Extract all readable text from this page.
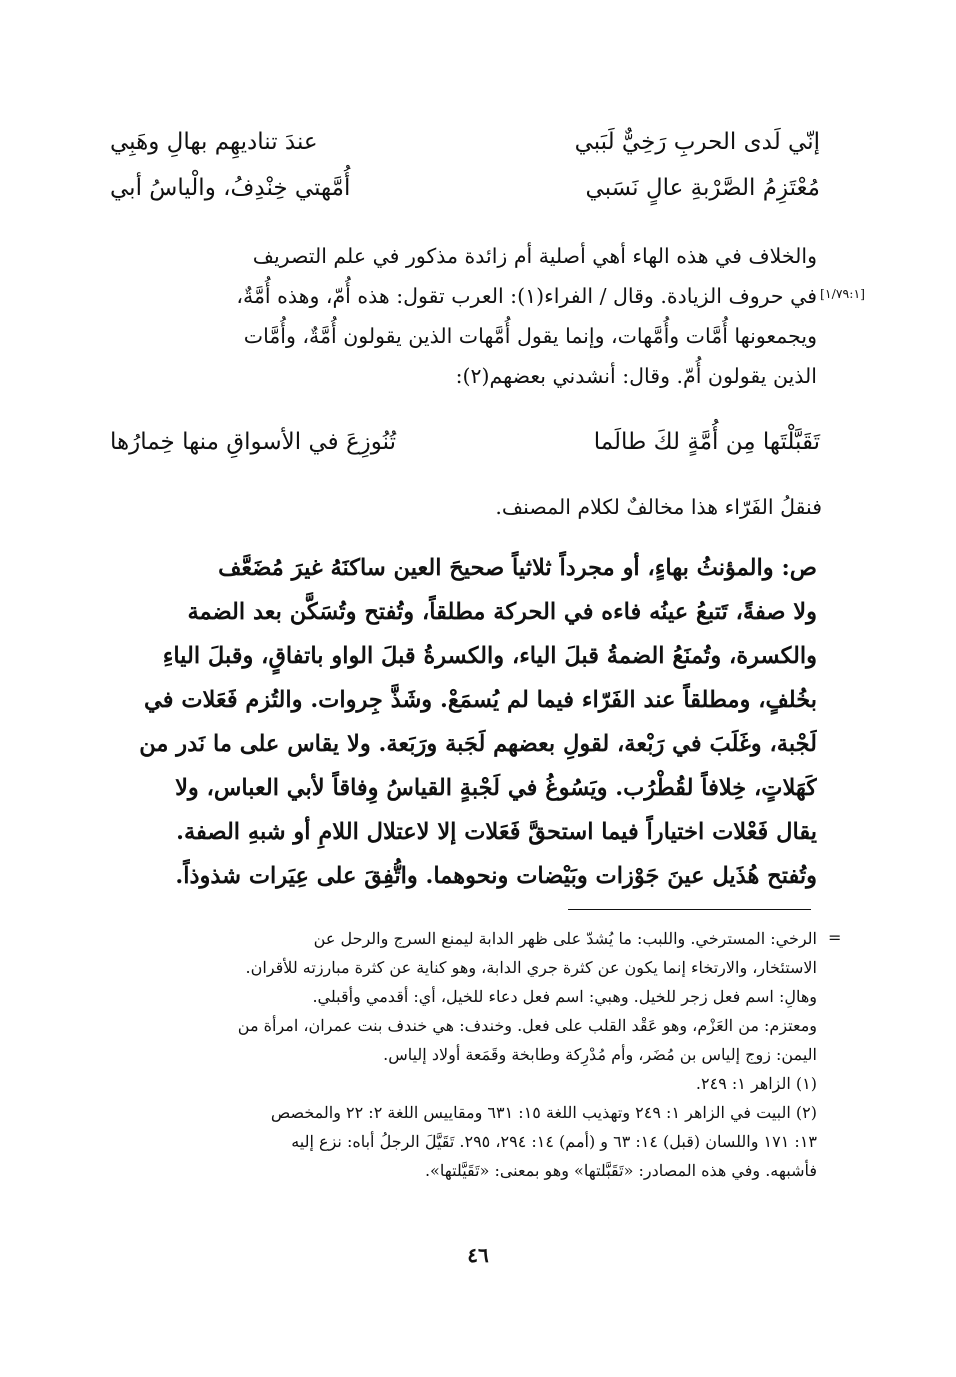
إنّي لَدى الحربِ رَخِيٌّ لَبَبي
عندَ تناديهِم بهالِ وهَبِي
مُعْتَزِمُ الصَّرْبةِ عالٍ نَسَبي
أُمَّهتي خِنْدِفُ، والْياسُ أبي
والخلاف في هذه الهاء أهي أصلية أم زائدة مذكور في علم التصريف
في حروف الزيادة. وقال / الفراء(١): العرب تقول: هذه أُمّ، وهذه أُمَّةٌ،
ويجمعونها أُمَّات وأُمَّهات، وإنما يقول أُمَّهات الذين يقولون أُمَّةٌ، وأُمَّات
الذين يقولون أُمّ. وقال: أنشدني بعضهم(٢):
[١/٧٩:١]
تَقَبَّلْتَها مِن أُمَّةٍ لكَ طالَما
تُنُوزِعَ في الأسواقِ منها خِمارُها
فنقلُ الفَرّاء هذا مخالفٌ لكلام المصنف.
ص: والمؤنثُ بهاءٍ، أو مجرداً ثلاثياً صحيحَ العين ساكنَهُ غيرَ مُضَعَّف
ولا صفةً، تَتبعُ عينُه فاءه في الحركة مطلقاً، وتُفتح وتُسَكَّن بعد الضمة
والكسرة، وتُمنَعُ الضمةُ قبلَ الياء، والكسرةُ قبلَ الواو باتفاقٍ، وقبلَ الياءِ
بخُلفٍ، ومطلقاً عند الفَرّاء فيما لم يُسمَعْ. وشَذَّ جِروات. والتُزم فَعَلات في
لَجْبة، وغَلَبَ في رَبْعة، لقولِ بعضهم لَجَبة ورَبَعة. ولا يقاس على ما نَدر من
كَهَلاتٍ، خِلافاً لقُطْرُب. ويَسُوغُ في لَجْبةٍ القياسُ وِفاقاً لأبي العباس، ولا
يقال فَعْلات اختياراً فيما استحقَّ فَعَلات إلا لاعتلال اللامِ أو شبهِ الصفة.
وتُفتح هُذَيل عينَ جَوْزات وبَيْضات ونحوهما. واتُّفِقَ على عِيَرات شذوذاً.
=
الرخي: المسترخي. واللبب: ما يُشدّ على ظهر الدابة ليمنع السرج والرحل عن
الاستئخار، والارتخاء إنما يكون عن كثرة جري الدابة، وهو كناية عن كثرة مبارزته للأقران.
وهالِ: اسم فعل زجر للخيل. وهبي: اسم فعل دعاء للخيل، أي: أقدمي وأقبلي.
ومعتزم: من العَزْم، وهو عَقْد القلب على فعل. وخندف: هي خندف بنت عمران، امرأة من
اليمن: زوج إلياس بن مُضَر، وأم مُدْرِكة وطابخة وقَمَعة أولاد إلياس.
(١) الزاهر ١: ٢٤٩.
(٢) البيت في الزاهر ١: ٢٤٩ وتهذيب اللغة ١٥: ٦٣١ ومقاييس اللغة ٢: ٢٢ والمخصص
١٣: ١٧١ واللسان (قبل) ١٤: ٦٣ و (أمم) ١٤: ٢٩٤، ٢٩٥. تَقَيَّلَ الرجلُ أباه: نزع إليه
فأشبهه. وفي هذه المصادر: «تَقَبَّلتها» وهو بمعنى: «تَقَيَّلتها».
٤٦
